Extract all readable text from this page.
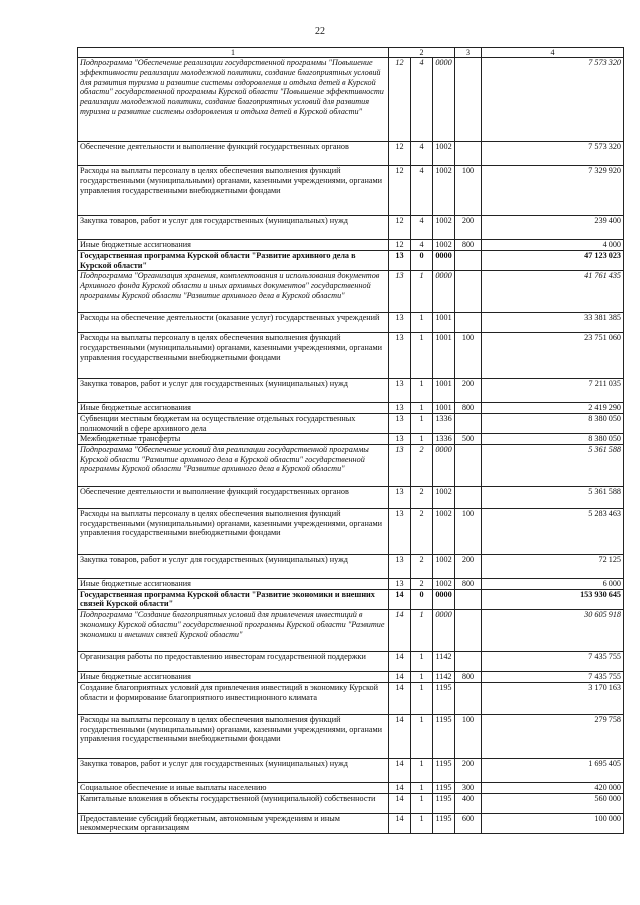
22
1	2			3	4
Подпрограмма "Обеспечение реализации государственной программы "Повышение эффективности реализации молодежной политики, создание благоприятных условий для развития туризма и развитие системы оздоровления и отдыха детей в Курской области" государственной программы Курской области "Повышение эффективности реализации молодежной политики, создание благоприятных условий для развития туризма и развитие системы оздоровления и отдыха детей в Курской области"	12	4	0000		7 573 320
Обеспечение деятельности и выполнение функций государственных органов	12	4	1002		7 573 320
Расходы на выплаты персоналу в целях обеспечения выполнения функций государственными (муниципальными) органами, казенными учреждениями, органами управления государственными внебюджетными фондами	12	4	1002	100	7 329 920
Закупка товаров, работ и услуг для государственных (муниципальных) нужд	12	4	1002	200	239 400
Иные бюджетные ассигнования	12	4	1002	800	4 000
Государственная программа Курской области "Развитие архивного дела в Курской области"	13	0	0000		47 123 023
Подпрограмма "Организация хранения, комплектования и использования документов Архивного фонда Курской области и иных архивных документов" государственной программы Курской области "Развитие архивного дела в Курской области"	13	1	0000		41 761 435
Расходы на обеспечение деятельности (оказание услуг) государственных учреждений	13	1	1001		33 381 385
Расходы на выплаты персоналу в целях обеспечения выполнения функций государственными (муниципальными) органами, казенными учреждениями, органами управления государственными внебюджетными фондами	13	1	1001	100	23 751 060
Закупка товаров, работ и услуг для государственных (муниципальных) нужд	13	1	1001	200	7 211 035
Иные бюджетные ассигнования	13	1	1001	800	2 419 290
Субвенции местным бюджетам на осуществление отдельных государственных полномочий в сфере архивного дела	13	1	1336		8 380 050
Межбюджетные трансферты	13	1	1336	500	8 380 050
Подпрограмма "Обеспечение условий для реализации государственной программы Курской области "Развитие архивного дела в Курской области" государственной программы Курской области "Развитие архивного дела в Курской области"	13	2	0000		5 361 588
Обеспечение деятельности и выполнение функций государственных органов	13	2	1002		5 361 588
Расходы на выплаты персоналу в целях обеспечения выполнения функций государственными (муниципальными) органами, казенными учреждениями, органами управления государственными внебюджетными фондами	13	2	1002	100	5 283 463
Закупка товаров, работ и услуг для государственных (муниципальных) нужд	13	2	1002	200	72 125
Иные бюджетные ассигнования	13	2	1002	800	6 000
Государственная программа Курской области "Развитие экономики и внешних связей Курской области"	14	0	0000		153 930 645
Подпрограмма "Создание благоприятных условий для привлечения инвестиций в экономику Курской области" государственной программы Курской области "Развитие экономики и внешних связей Курской области"	14	1	0000		30 605 918
Организация работы по предоставлению инвесторам государственной поддержки	14	1	1142		7 435 755
Иные бюджетные ассигнования	14	1	1142	800	7 435 755
Создание благоприятных условий для привлечения инвестиций в экономику Курской области и формирование благоприятного инвестиционного климата	14	1	1195		3 170 163
Расходы на выплаты персоналу в целях обеспечения выполнения функций государственными (муниципальными) органами, казенными учреждениями, органами управления государственными внебюджетными фондами	14	1	1195	100	279 758
Закупка товаров, работ и услуг для государственных (муниципальных) нужд	14	1	1195	200	1 695 405
Социальное обеспечение и иные выплаты населению	14	1	1195	300	420 000
Капитальные вложения в объекты государственной (муниципальной) собственности	14	1	1195	400	560 000
Предоставление субсидий бюджетным, автономным учреждениям и иным некоммерческим организациям	14	1	1195	600	100 000
